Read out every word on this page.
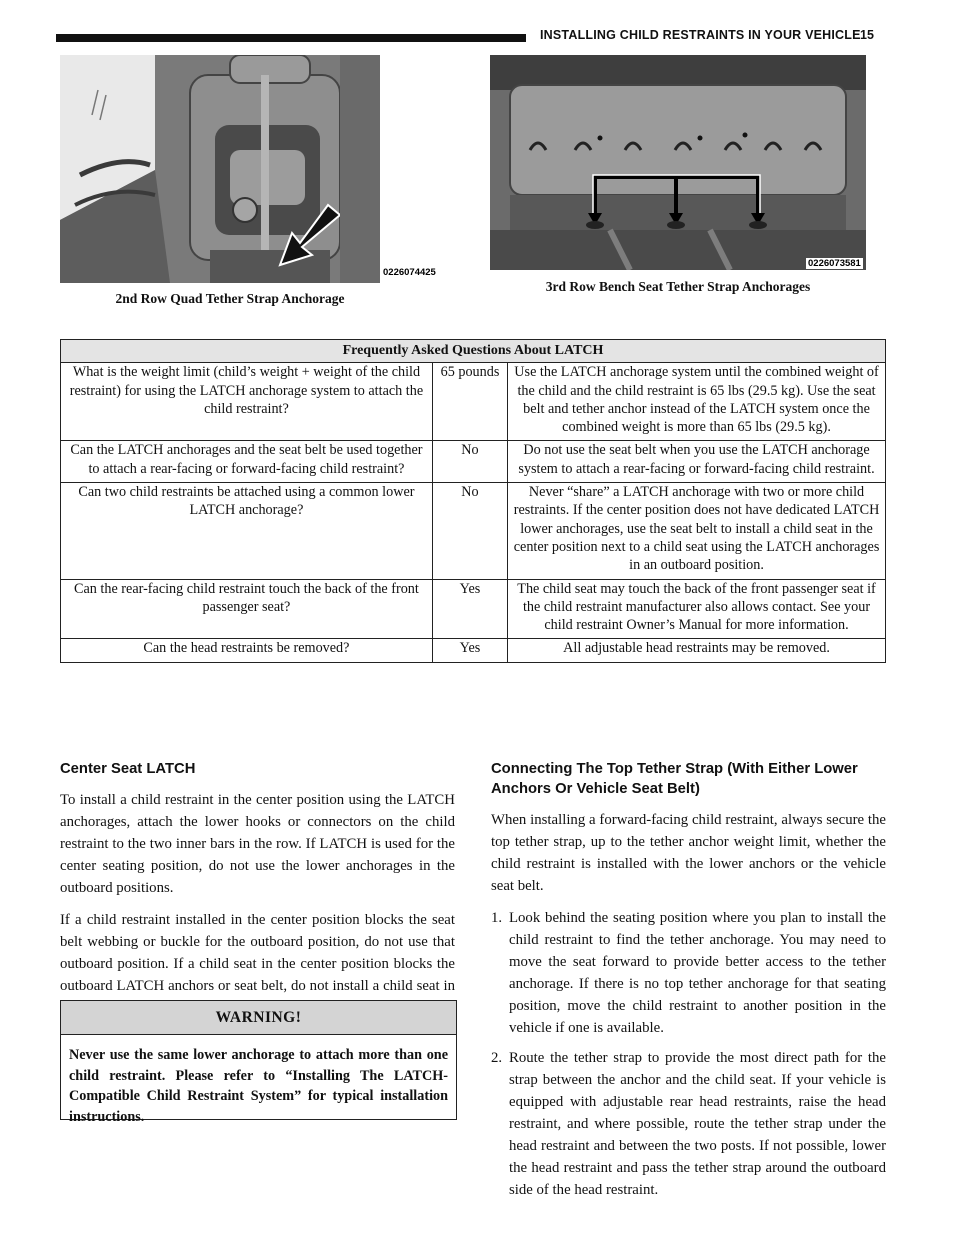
INSTALLING CHILD RESTRAINTS IN YOUR VEHICLE 15
0226074425
2nd Row Quad Tether Strap Anchorage
0226073581
3rd Row Bench Seat Tether Strap Anchorages
Frequently Asked Questions About LATCH		
What is the weight limit (child’s weight + weight of the child restraint) for using the LATCH anchorage system to attach the child restraint?	65 pounds	Use the LATCH anchorage system until the combined weight of the child and the child restraint is 65 lbs (29.5 kg). Use the seat belt and tether anchor instead of the LATCH system once the combined weight is more than 65 lbs (29.5 kg).
Can the LATCH anchorages and the seat belt be used together to attach a rear-facing or forward-facing child restraint?	No	Do not use the seat belt when you use the LATCH anchorage system to attach a rear-facing or forward-facing child restraint.
Can two child restraints be attached using a common lower LATCH anchorage?	No	Never “share” a LATCH anchorage with two or more child restraints. If the center position does not have dedicated LATCH lower anchorages, use the seat belt to install a child seat in the center position next to a child seat using the LATCH anchorages in an outboard position.
Can the rear-facing child restraint touch the back of the front passenger seat?	Yes	The child seat may touch the back of the front passenger seat if the child restraint manufacturer also allows contact. See your child restraint Owner’s Manual for more information.
Can the head restraints be removed?	Yes	All adjustable head restraints may be removed.
Center Seat LATCH

To install a child restraint in the center position using the LATCH anchorages, attach the lower hooks or connectors on the child restraint to the two inner bars in the row. If LATCH is used for the center seating position, do not use the lower anchorages in the outboard positions.

If a child restraint installed in the center position blocks the seat belt webbing or buckle for the outboard position, do not use that outboard position. If a child seat in the center position blocks the outboard LATCH anchors or seat belt, do not install a child seat in

WARNING!
Never use the same lower anchorage to attach more than one child restraint. Please refer to “Installing The LATCH-Compatible Child Restraint System” for typical installation instructions.
Connecting The Top Tether Strap (With Either Lower Anchors Or Vehicle Seat Belt)

When installing a forward-facing child restraint, always secure the top tether strap, up to the tether anchor weight limit, whether the child restraint is installed with the lower anchors or the vehicle seat belt.

1. Look behind the seating position where you plan to install the child restraint to find the tether anchorage. You may need to move the seat forward to provide better access to the tether anchorage. If there is no top tether anchorage for that seating position, move the child restraint to another position in the vehicle if one is available.
2. Route the tether strap to provide the most direct path for the strap between the anchor and the child seat. If your vehicle is equipped with adjustable rear head restraints, raise the head restraint, and where possible, route the tether strap under the head restraint and between the two posts. If not possible, lower the head restraint and pass the tether strap around the outboard side of the head restraint.
